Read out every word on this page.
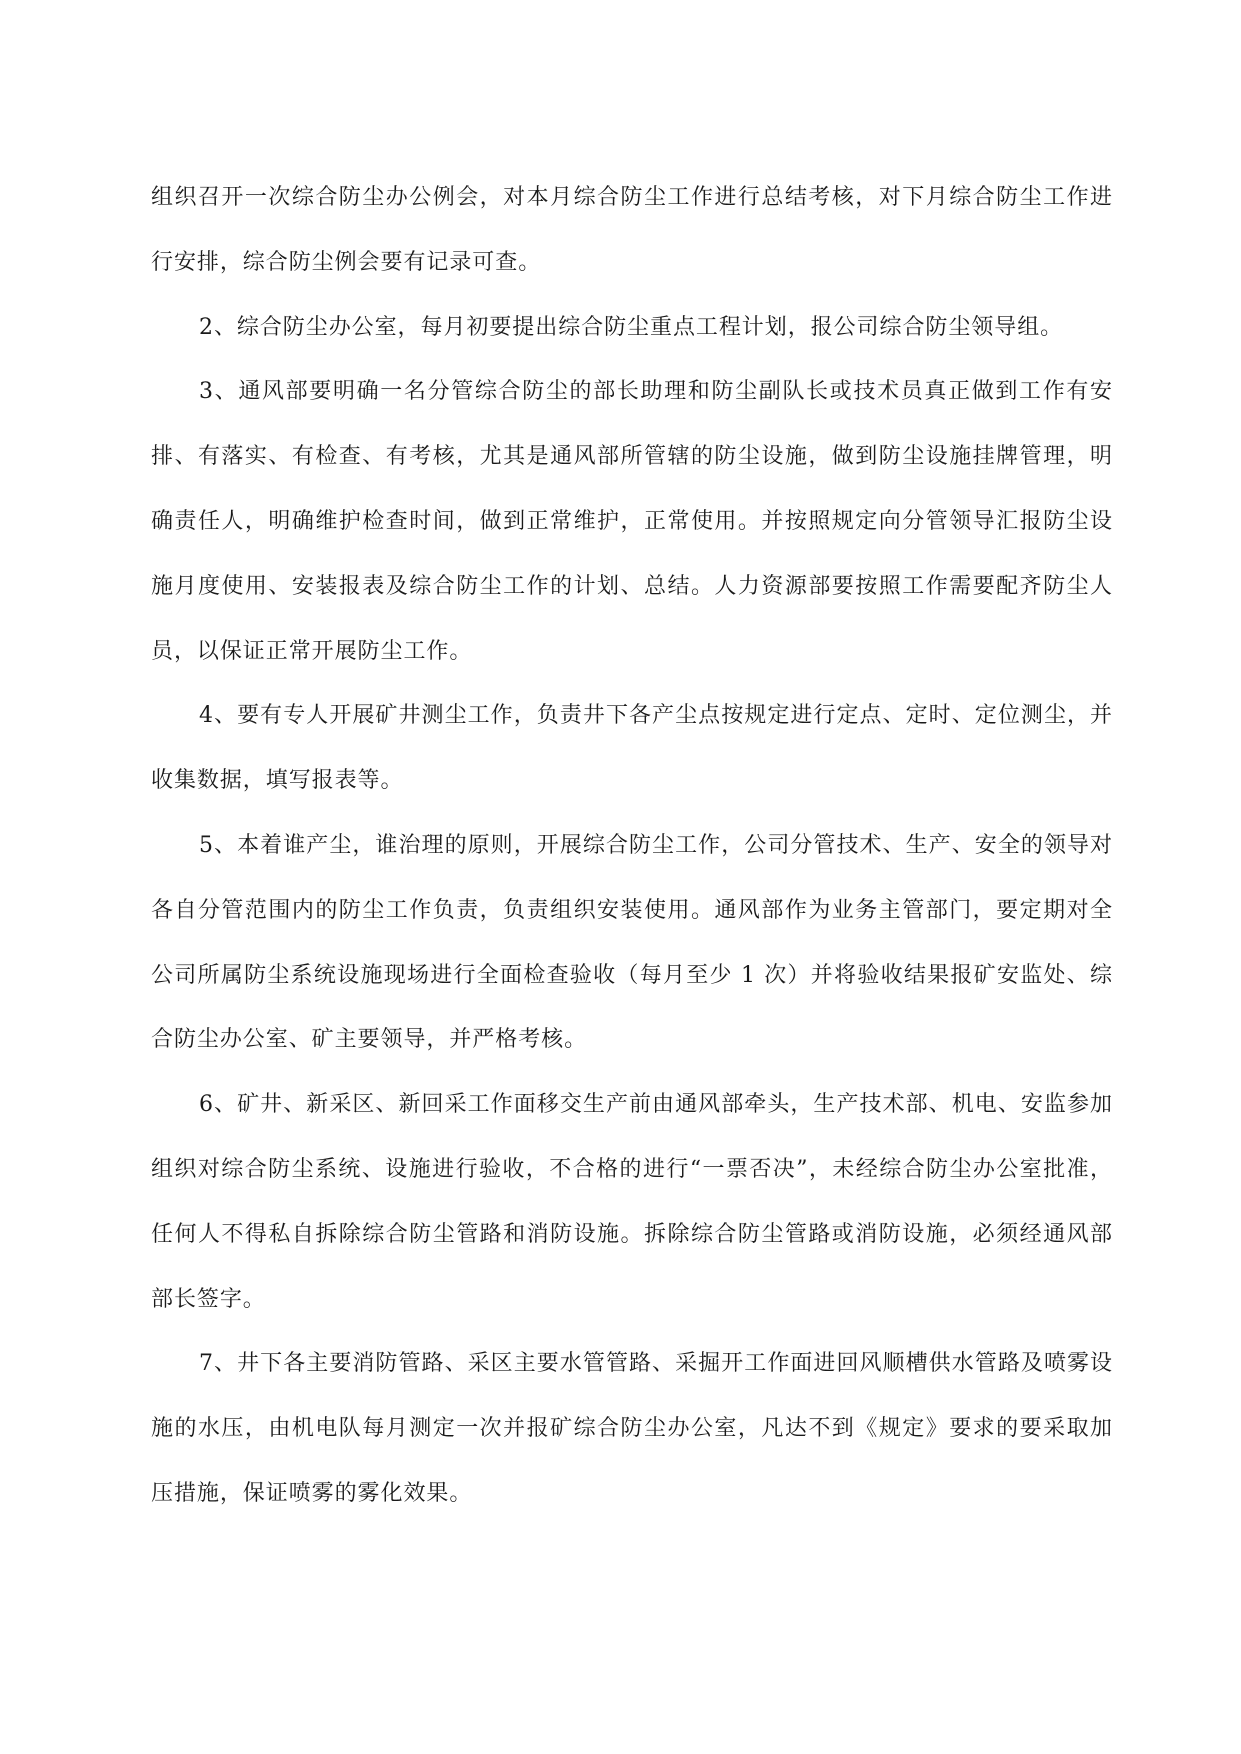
组织召开一次综合防尘办公例会，对本月综合防尘工作进行总结考核，对下月综合防尘工作进行安排，综合防尘例会要有记录可查。

2、综合防尘办公室，每月初要提出综合防尘重点工程计划，报公司综合防尘领导组。

3、通风部要明确一名分管综合防尘的部长助理和防尘副队长或技术员真正做到工作有安排、有落实、有检查、有考核，尤其是通风部所管辖的防尘设施，做到防尘设施挂牌管理，明确责任人，明确维护检查时间，做到正常维护，正常使用。并按照规定向分管领导汇报防尘设施月度使用、安装报表及综合防尘工作的计划、总结。人力资源部要按照工作需要配齐防尘人员，以保证正常开展防尘工作。

4、要有专人开展矿井测尘工作，负责井下各产尘点按规定进行定点、定时、定位测尘，并收集数据，填写报表等。

5、本着谁产尘，谁治理的原则，开展综合防尘工作，公司分管技术、生产、安全的领导对各自分管范围内的防尘工作负责，负责组织安装使用。通风部作为业务主管部门，要定期对全公司所属防尘系统设施现场进行全面检查验收（每月至少 1 次）并将验收结果报矿安监处、综合防尘办公室、矿主要领导，并严格考核。

6、矿井、新采区、新回采工作面移交生产前由通风部牵头，生产技术部、机电、安监参加组织对综合防尘系统、设施进行验收，不合格的进行“一票否决”，未经综合防尘办公室批准，任何人不得私自拆除综合防尘管路和消防设施。拆除综合防尘管路或消防设施，必须经通风部部长签字。

7、井下各主要消防管路、采区主要水管管路、采掘开工作面进回风顺槽供水管路及喷雾设施的水压，由机电队每月测定一次并报矿综合防尘办公室，凡达不到《规定》要求的要采取加压措施，保证喷雾的雾化效果。
